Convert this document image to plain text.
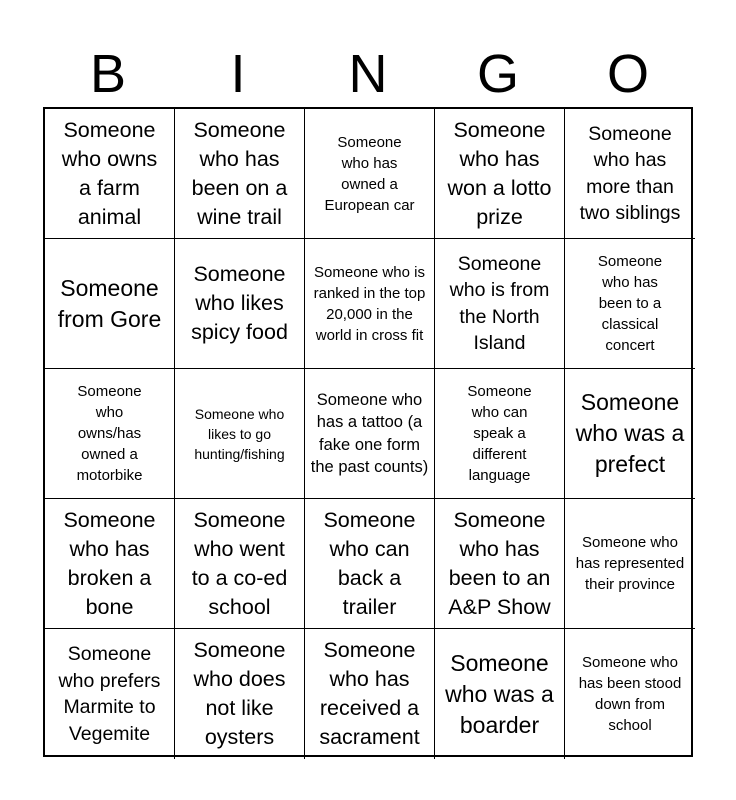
B	I	N	G	O
Someone who owns a farm animal
Someone who has been on a wine trail
Someone who has owned a European car
Someone who has won a lotto prize
Someone who has more than two siblings
Someone from Gore
Someone who likes spicy food
Someone who is ranked in the top 20,000 in the world in cross fit
Someone who is from the North Island
Someone who has been to a classical concert
Someone who owns/has owned a motorbike
Someone who likes to go hunting/fishing
Someone who has a tattoo (a fake one form the past counts)
Someone who can speak a different language
Someone who was a prefect
Someone who has broken a bone
Someone who went to a co-ed school
Someone who can back a trailer
Someone who has been to an A&P Show
Someone who has represented their province
Someone who prefers Marmite to Vegemite
Someone who does not like oysters
Someone who has received a sacrament
Someone who was a boarder
Someone who has been stood down from school
